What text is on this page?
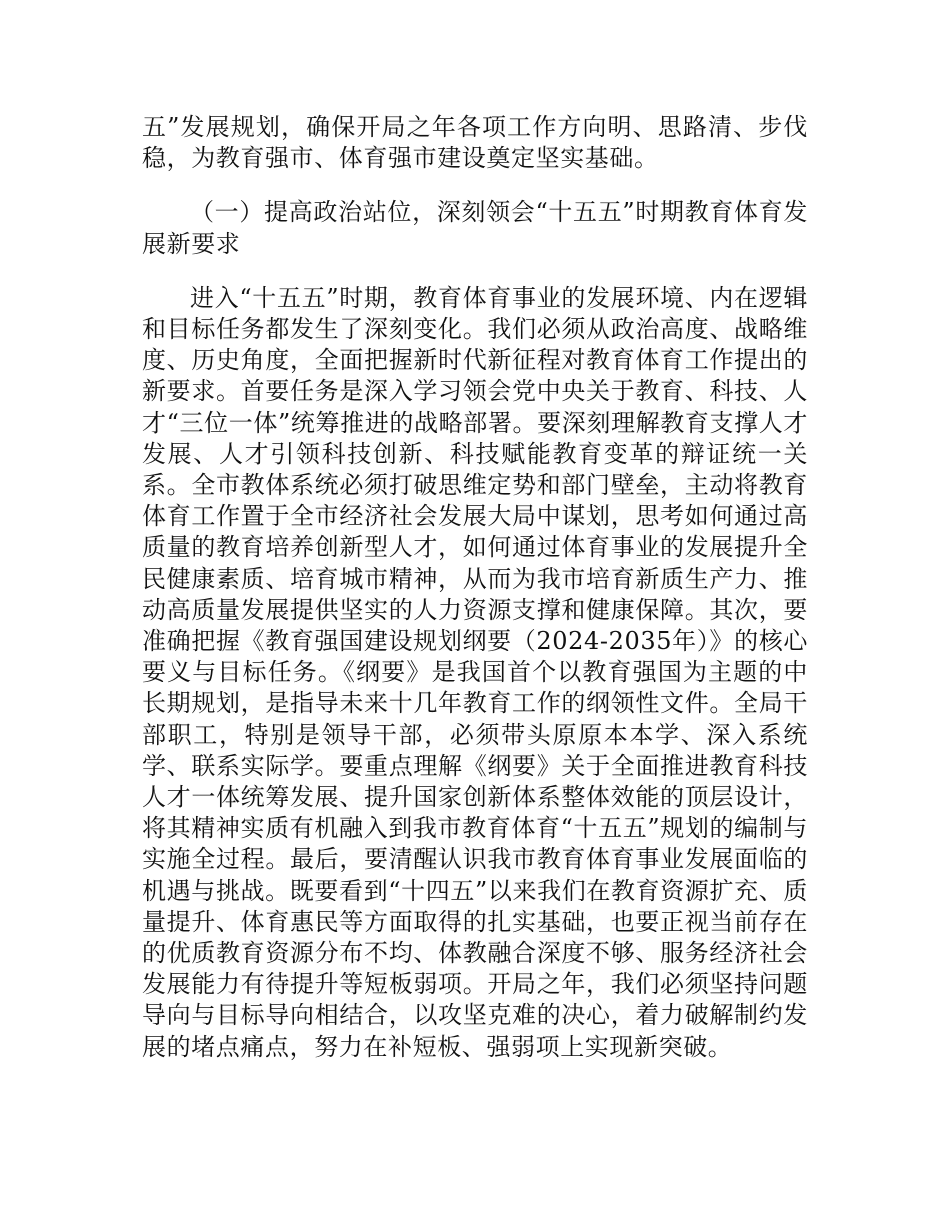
五”发展规划，确保开局之年各项工作方向明、思路清、步伐稳，为教育强市、体育强市建设奠定坚实基础。

（一）提高政治站位，深刻领会“十五五”时期教育体育发展新要求

进入“十五五”时期，教育体育事业的发展环境、内在逻辑和目标任务都发生了深刻变化。我们必须从政治高度、战略维度、历史角度，全面把握新时代新征程对教育体育工作提出的新要求。首要任务是深入学习领会党中央关于教育、科技、人才“三位一体”统筹推进的战略部署。要深刻理解教育支撑人才发展、人才引领科技创新、科技赋能教育变革的辩证统一关系。全市教体系统必须打破思维定势和部门壁垒，主动将教育体育工作置于全市经济社会发展大局中谋划，思考如何通过高质量的教育培养创新型人才，如何通过体育事业的发展提升全民健康素质、培育城市精神，从而为我市培育新质生产力、推动高质量发展提供坚实的人力资源支撑和健康保障。其次，要准确把握《教育强国建设规划纲要（2024-2035年）》的核心要义与目标任务。《纲要》是我国首个以教育强国为主题的中长期规划，是指导未来十几年教育工作的纲领性文件。全局干部职工，特别是领导干部，必须带头原原本本学、深入系统学、联系实际学。要重点理解《纲要》关于全面推进教育科技人才一体统筹发展、提升国家创新体系整体效能的顶层设计，将其精神实质有机融入到我市教育体育“十五五”规划的编制与实施全过程。最后，要清醒认识我市教育体育事业发展面临的机遇与挑战。既要看到“十四五”以来我们在教育资源扩充、质量提升、体育惠民等方面取得的扎实基础，也要正视当前存在的优质教育资源分布不均、体教融合深度不够、服务经济社会发展能力有待提升等短板弱项。开局之年，我们必须坚持问题导向与目标导向相结合，以攻坚克难的决心，着力破解制约发展的堵点痛点，努力在补短板、强弱项上实现新突破。
